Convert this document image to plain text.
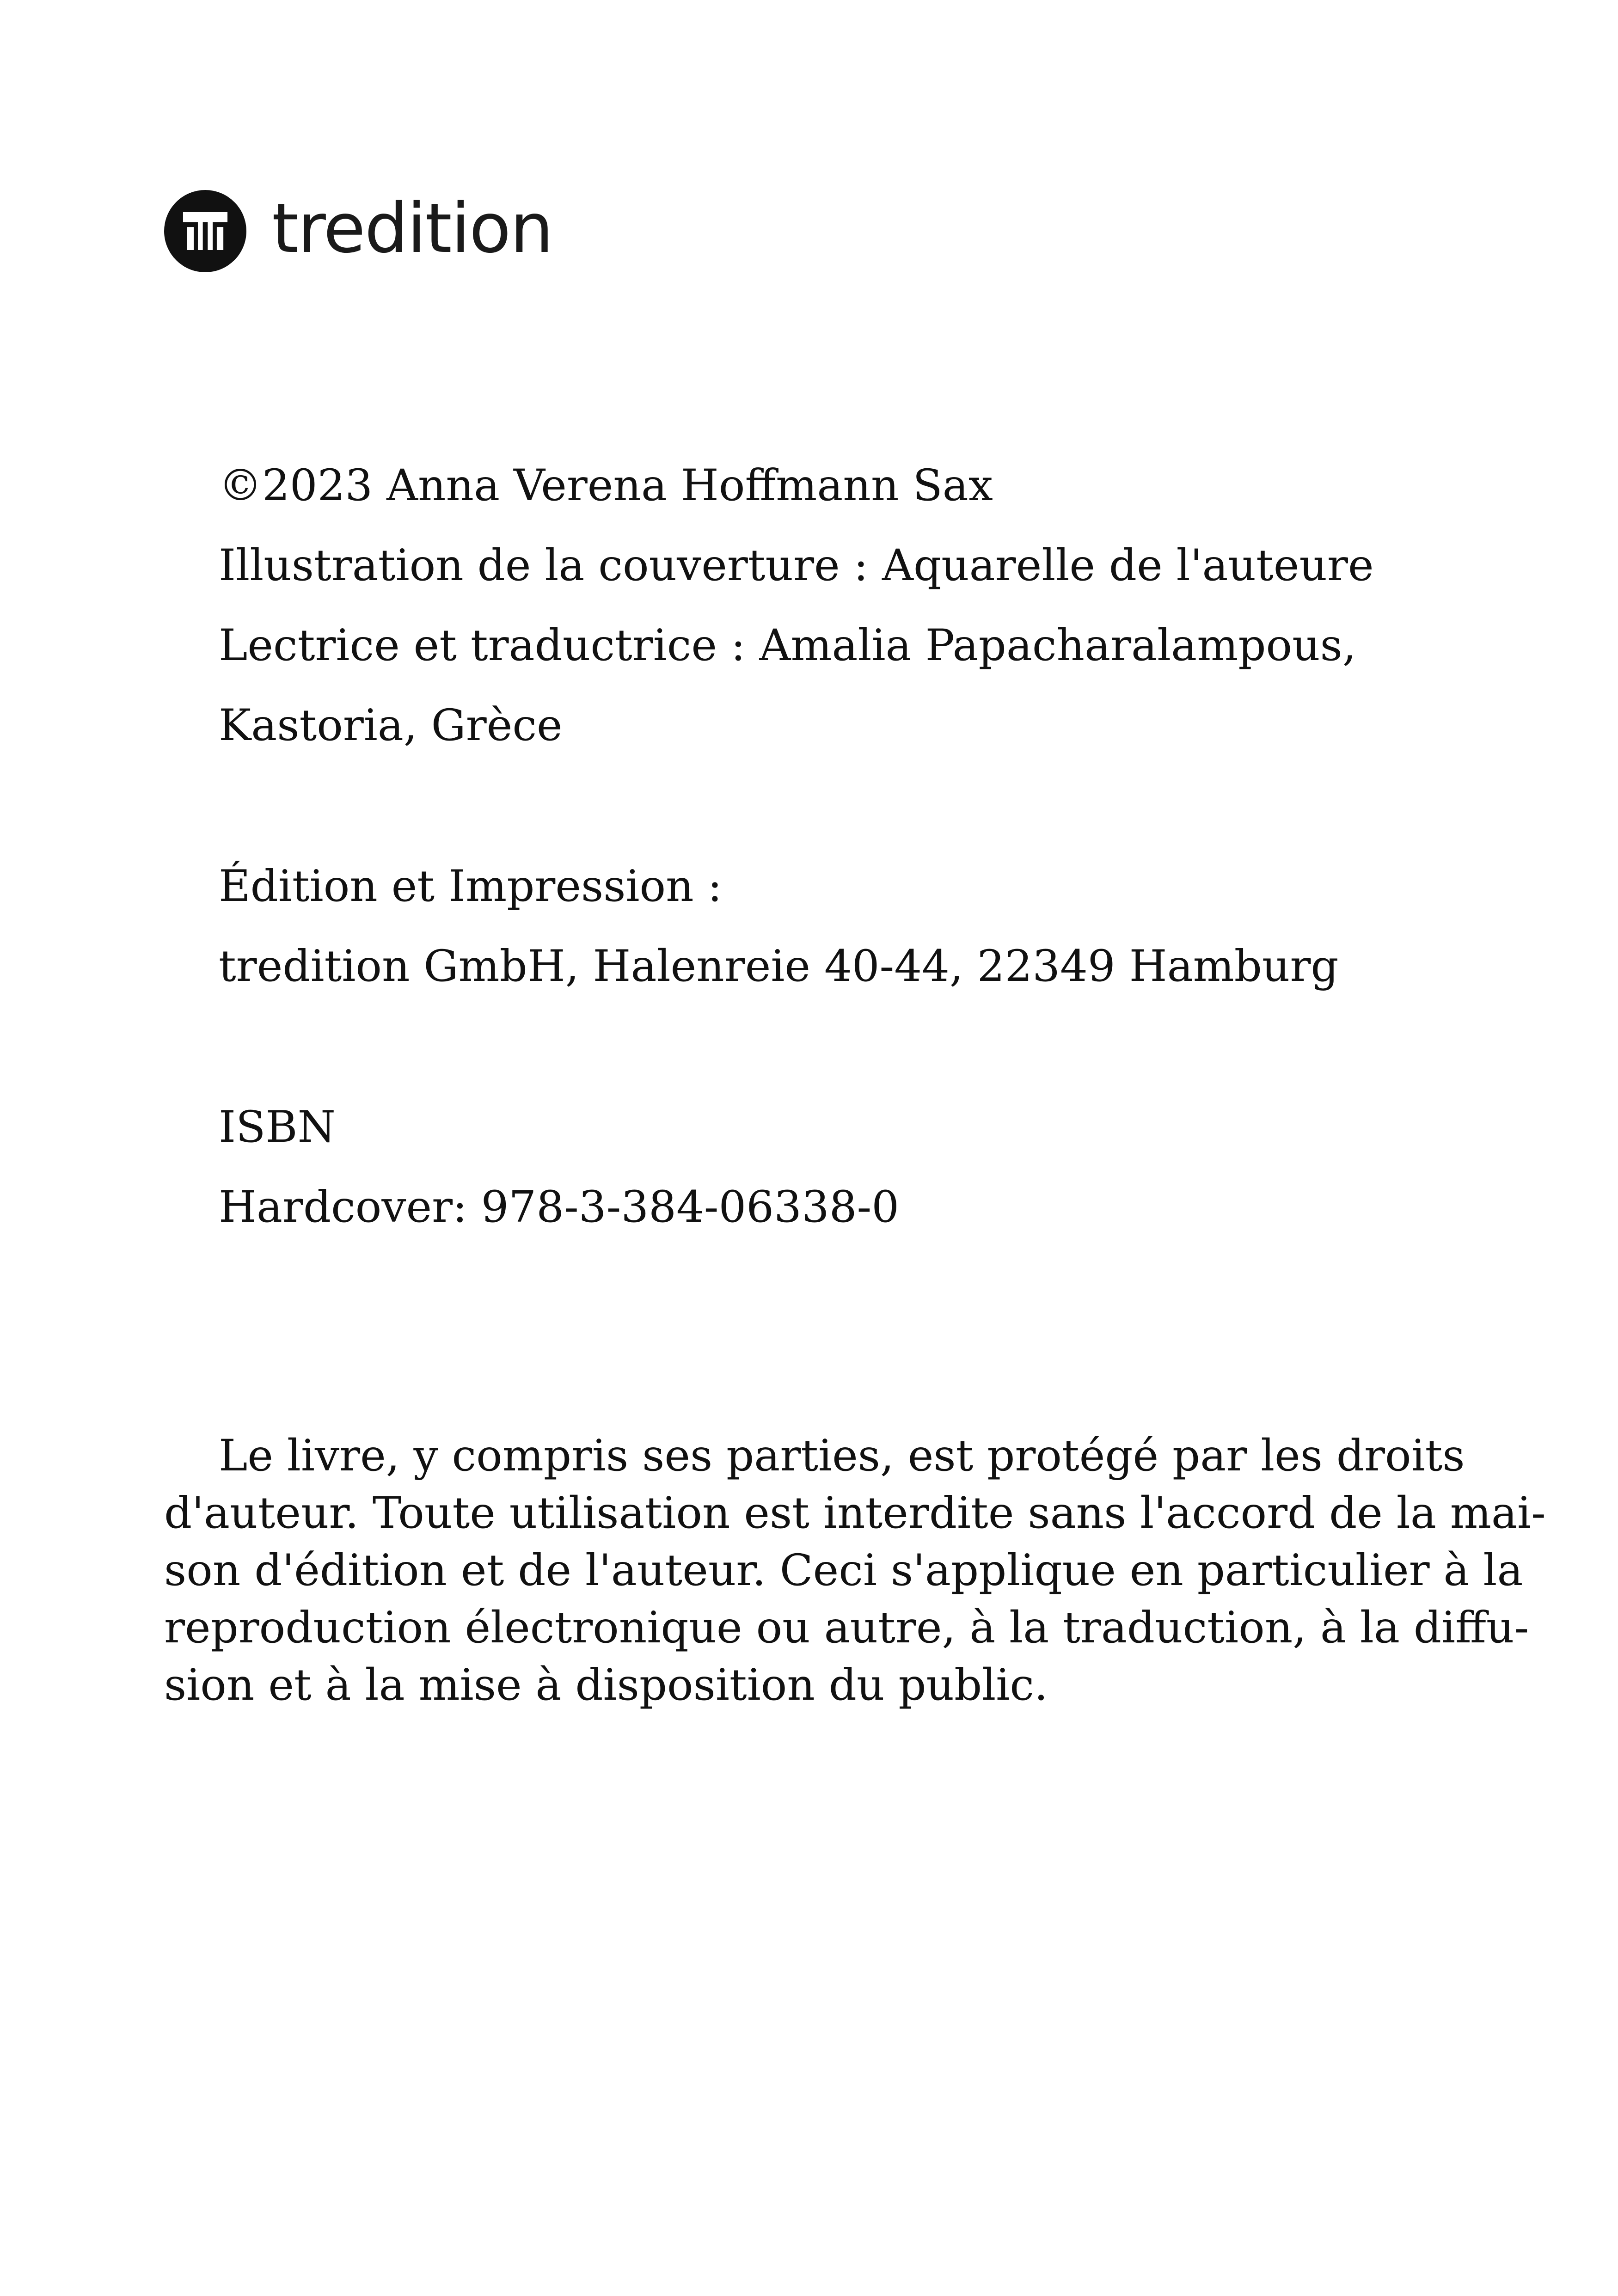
tredition
©2023 Anna Verena Hoffmann Sax
Illustration de la couverture : Aquarelle de l'auteure
Lectrice et traductrice : Amalia Papacharalampous,
Kastoria, Grèce
Édition et Impression :
tredition GmbH, Halenreie 40-44, 22349 Hamburg
ISBN
Hardcover: 978-3-384-06338-0
Le livre, y compris ses parties, est protégé par les droits
d'auteur. Toute utilisation est interdite sans l'accord de la mai-
son d'édition et de l'auteur. Ceci s'applique en particulier à la
reproduction électronique ou autre, à la traduction, à la diffu-
sion et à la mise à disposition du public.
